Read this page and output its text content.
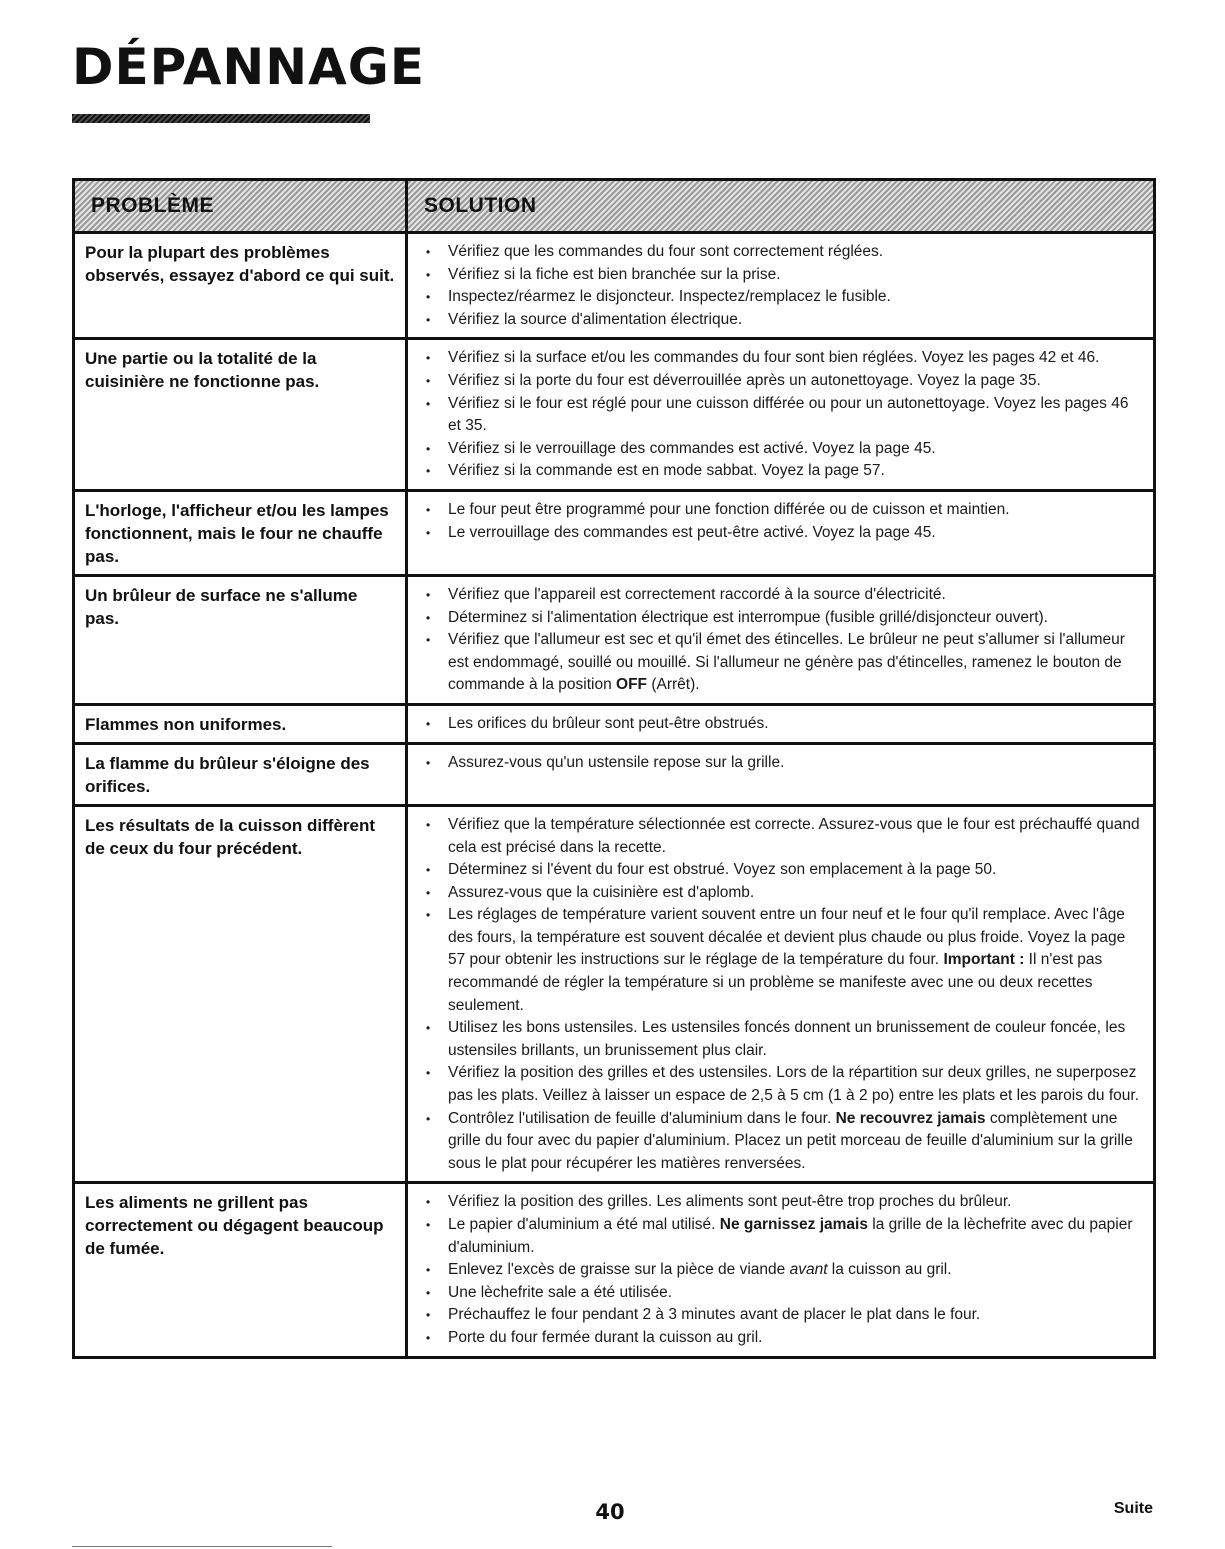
DÉPANNAGE
PROBLÈME	SOLUTION
Pour la plupart des problèmes observés, essayez d'abord ce qui suit.
• Vérifiez que les commandes du four sont correctement réglées.
• Vérifiez si la fiche est bien branchée sur la prise.
• Inspectez/réarmez le disjoncteur. Inspectez/remplacez le fusible.
• Vérifiez la source d'alimentation électrique.
Une partie ou la totalité de la cuisinière ne fonctionne pas.
• Vérifiez si la surface et/ou les commandes du four sont bien réglées. Voyez les pages 42 et 46.
• Vérifiez si la porte du four est déverrouillée après un autonettoyage. Voyez la page 35.
• Vérifiez si le four est réglé pour une cuisson différée ou pour un autonettoyage. Voyez les pages 46 et 35.
• Vérifiez si le verrouillage des commandes est activé. Voyez la page 45.
• Vérifiez si la commande est en mode sabbat. Voyez la page 57.
L'horloge, l'afficheur et/ou les lampes fonctionnent, mais le four ne chauffe pas.
• Le four peut être programmé pour une fonction différée ou de cuisson et maintien.
• Le verrouillage des commandes est peut-être activé. Voyez la page 45.
Un brûleur de surface ne s'allume pas.
• Vérifiez que l'appareil est correctement raccordé à la source d'électricité.
• Déterminez si l'alimentation électrique est interrompue (fusible grillé/disjoncteur ouvert).
• Vérifiez que l'allumeur est sec et qu'il émet des étincelles. Le brûleur ne peut s'allumer si l'allumeur est endommagé, souillé ou mouillé. Si l'allumeur ne génère pas d'étincelles, ramenez le bouton de commande à la position OFF (Arrêt).
Flammes non uniformes.
•	Les orifices du brûleur sont peut-être obstrués.
La flamme du brûleur s'éloigne des orifices.
• Assurez-vous qu'un ustensile repose sur la grille.
Les résultats de la cuisson diffèrent de ceux du four précédent.
• Vérifiez que la température sélectionnée est correcte. Assurez-vous que le four est préchauffé quand cela est précisé dans la recette.
• Déterminez si l'évent du four est obstrué. Voyez son emplacement à la page 50.
• Assurez-vous que la cuisinière est d'aplomb.
• Les réglages de température varient souvent entre un four neuf et le four qu'il remplace. Avec l'âge des fours, la température est souvent décalée et devient plus chaude ou plus froide. Voyez la page 57 pour obtenir les instructions sur le réglage de la température du four. Important : Il n'est pas recommandé de régler la température si un problème se manifeste avec une ou deux recettes seulement.
• Utilisez les bons ustensiles. Les ustensiles foncés donnent un brunissement de couleur foncée, les ustensiles brillants, un brunissement plus clair.
• Vérifiez la position des grilles et des ustensiles. Lors de la répartition sur deux grilles, ne superposez pas les plats. Veillez à laisser un espace de 2,5 à 5 cm (1 à 2 po) entre les plats et les parois du four.
• Contrôlez l'utilisation de feuille d'aluminium dans le four. Ne recouvrez jamais complètement une grille du four avec du papier d'aluminium. Placez un petit morceau de feuille d'aluminium sur la grille sous le plat pour récupérer les matières renversées.
Les aliments ne grillent pas correctement ou dégagent beaucoup de fumée.
• Vérifiez la position des grilles. Les aliments sont peut-être trop proches du brûleur.
• Le papier d'aluminium a été mal utilisé. Ne garnissez jamais la grille de la lèchefrite avec du papier d'aluminium.
• Enlevez l'excès de graisse sur la pièce de viande avant la cuisson au gril.
• Une lèchefrite sale a été utilisée.
• Préchauffez le four pendant 2 à 3 minutes avant de placer le plat dans le four.
• Porte du four fermée durant la cuisson au gril.
40	Suite
